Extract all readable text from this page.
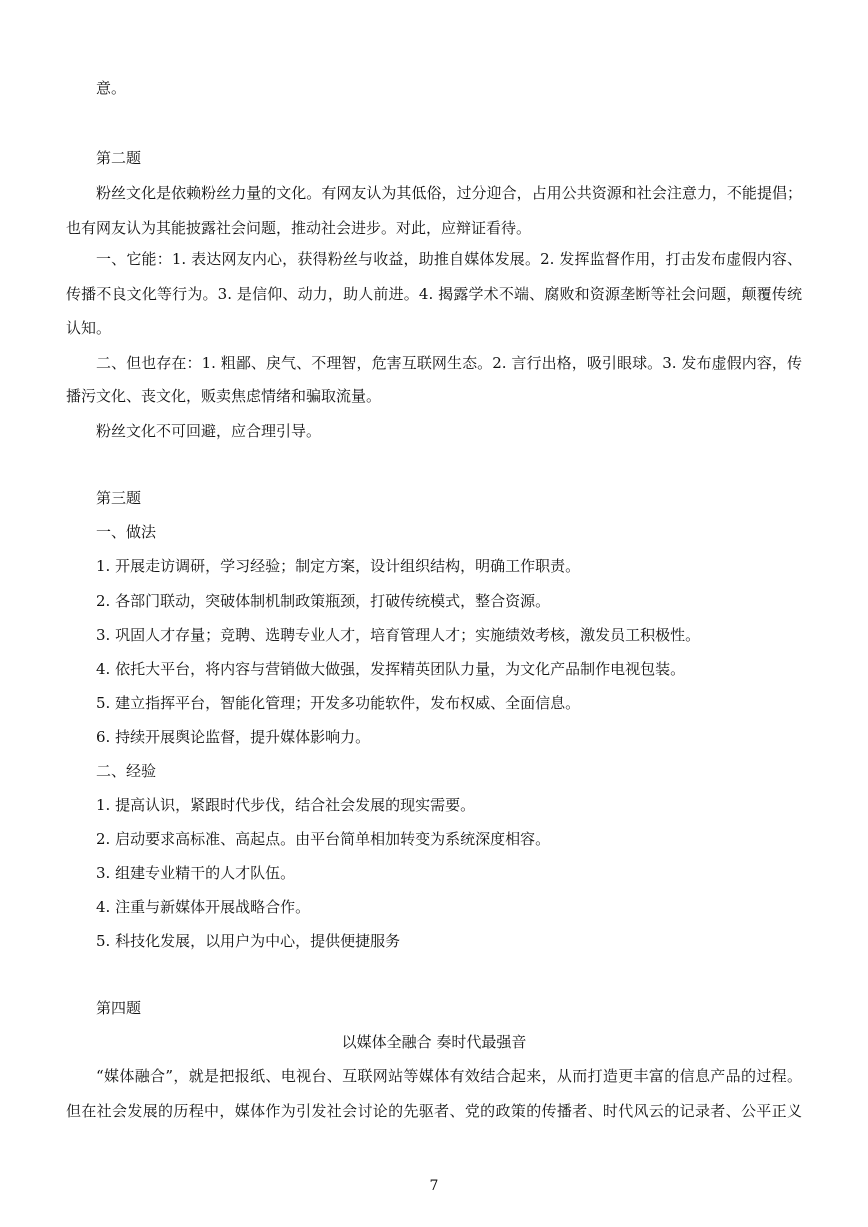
意。
第二题
粉丝文化是依赖粉丝力量的文化。有网友认为其低俗，过分迎合，占用公共资源和社会注意力，不能提倡；
也有网友认为其能披露社会问题，推动社会进步。对此，应辩证看待。
一、它能：1. 表达网友内心，获得粉丝与收益，助推自媒体发展。2. 发挥监督作用，打击发布虚假内容、
传播不良文化等行为。3. 是信仰、动力，助人前进。4. 揭露学术不端、腐败和资源垄断等社会问题，颠覆传统
认知。
二、但也存在：1. 粗鄙、戾气、不理智，危害互联网生态。2. 言行出格，吸引眼球。3. 发布虚假内容，传
播污文化、丧文化，贩卖焦虑情绪和骗取流量。
粉丝文化不可回避，应合理引导。
第三题
一、做法
1. 开展走访调研，学习经验；制定方案，设计组织结构，明确工作职责。
2. 各部门联动，突破体制机制政策瓶颈，打破传统模式，整合资源。
3. 巩固人才存量；竞聘、选聘专业人才，培育管理人才；实施绩效考核，激发员工积极性。
4. 依托大平台，将内容与营销做大做强，发挥精英团队力量，为文化产品制作电视包装。
5. 建立指挥平台，智能化管理；开发多功能软件，发布权威、全面信息。
6. 持续开展舆论监督，提升媒体影响力。
二、经验
1. 提高认识，紧跟时代步伐，结合社会发展的现实需要。
2. 启动要求高标准、高起点。由平台简单相加转变为系统深度相容。
3. 组建专业精干的人才队伍。
4. 注重与新媒体开展战略合作。
5. 科技化发展，以用户为中心，提供便捷服务
第四题
以媒体全融合 奏时代最强音
“媒体融合”，就是把报纸、电视台、互联网站等媒体有效结合起来，从而打造更丰富的信息产品的过程。
但在社会发展的历程中，媒体作为引发社会讨论的先驱者、党的政策的传播者、时代风云的记录者、公平正义
7
